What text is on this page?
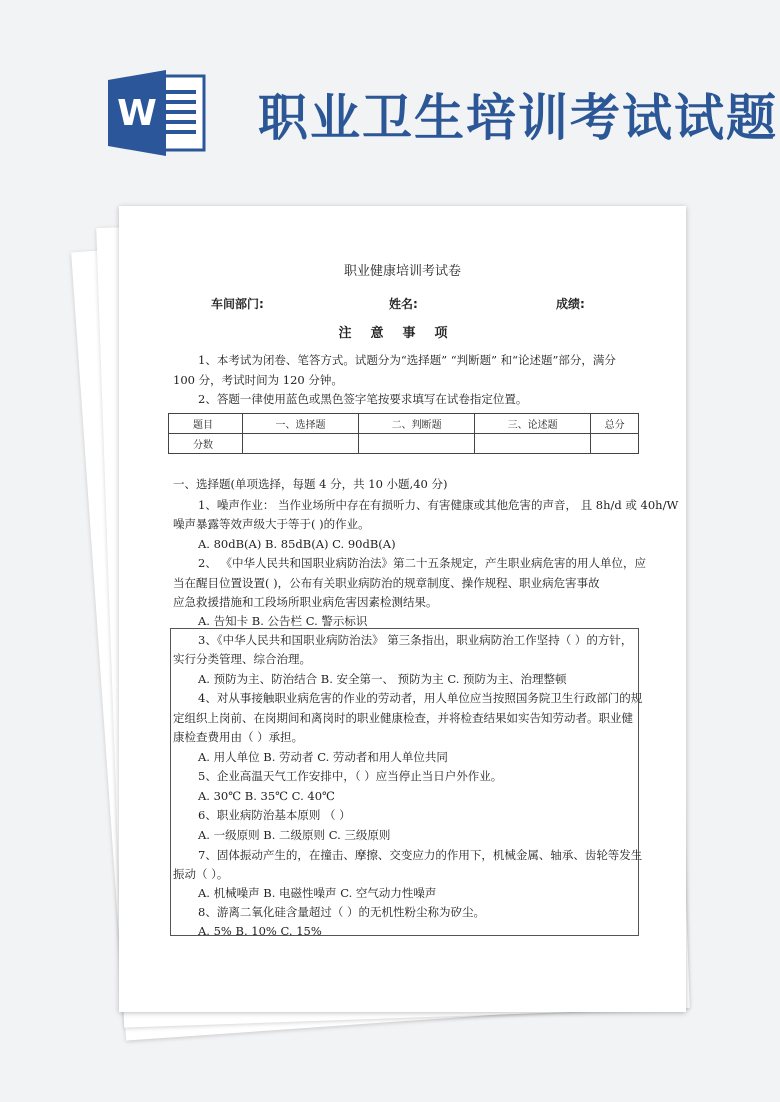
W 职业卫生培训考试试题
职业健康培训考试卷
车间部门:	姓名:	成绩:
注意事项
1、本考试为闭卷、笔答方式。试题分为“选择题” “判断题” 和“论述题”部分，满分
100 分，考试时间为 120 分钟。
2、答题一律使用蓝色或黑色签字笔按要求填写在试卷指定位置。
题目	一、选择题	二、判断题	三、论述题	总分
分数				
一、选择题(单项选择，每题 4 分，共 10 小题,40 分)
1、噪声作业： 当作业场所中存在有损听力、有害健康或其他危害的声音， 且 8h/d 或 40h/W
噪声暴露等效声级大于等于( )的作业。
A. 80dB(A) B. 85dB(A) C. 90dB(A)
2、 《中华人民共和国职业病防治法》第二十五条规定，产生职业病危害的用人单位，应
当在醒目位置设置( )，公布有关职业病防治的规章制度、操作规程、职业病危害事故
应急救援措施和工段场所职业病危害因素检测结果。
A. 告知卡 B. 公告栏 C. 警示标识
3、《中华人民共和国职业病防治法》 第三条指出，职业病防治工作坚持（ ）的方针，
实行分类管理、综合治理。
A. 预防为主、防治结合 B. 安全第一、 预防为主 C. 预防为主、治理整顿
4、对从事接触职业病危害的作业的劳动者，用人单位应当按照国务院卫生行政部门的规
定组织上岗前、在岗期间和离岗时的职业健康检查，并将检查结果如实告知劳动者。职业健
康检查费用由（ ）承担。
A. 用人单位 B. 劳动者 C. 劳动者和用人单位共同
5、企业高温天气工作安排中，（ ）应当停止当日户外作业。
A. 30℃ B. 35℃ C. 40℃
6、职业病防治基本原则 （ ）
A. 一级原则 B. 二级原则 C. 三级原则
7、固体振动产生的，在撞击、摩擦、交变应力的作用下，机械金属、轴承、齿轮等发生
振动（ ）。
A. 机械噪声 B. 电磁性噪声 C. 空气动力性噪声
8、游离二氧化硅含量超过（ ）的无机性粉尘称为矽尘。
A. 5% B. 10% C. 15%
